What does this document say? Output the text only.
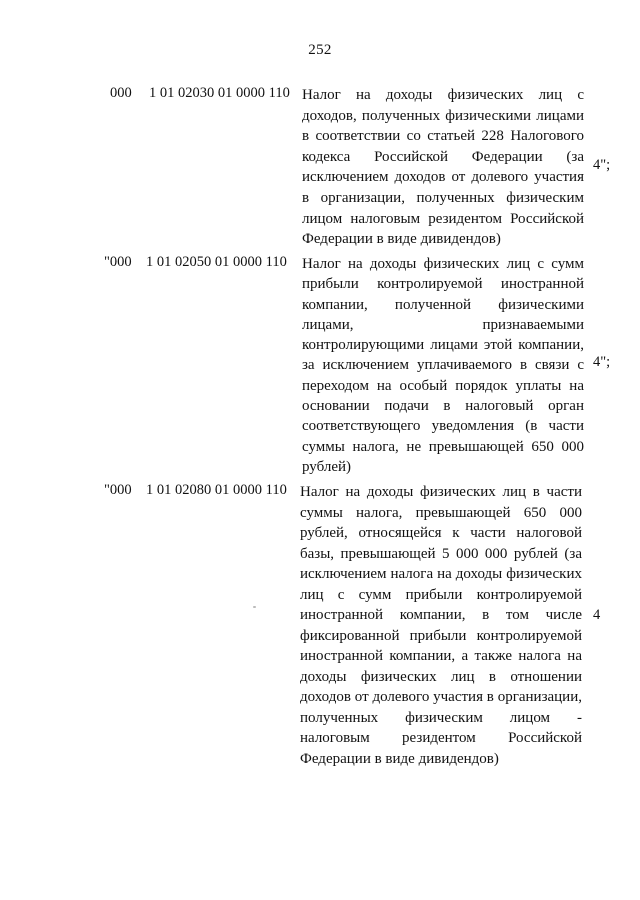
252
000 1 01 02030 01 0000 110 Налог на доходы физических лиц с доходов, полученных физическими лицами в соответствии со статьей 228 Налогового кодекса Российской Федерации (за исключением доходов от долевого участия в организации, полученных физическим лицом налоговым резидентом Российской Федерации в виде дивидендов)
4";
"000 1 01 02050 01 0000 110 Налог на доходы физических лиц с сумм прибыли контролируемой иностранной компании, полученной физическими лицами, признаваемыми контролирующими лицами этой компании, за исключением уплачиваемого в связи с переходом на особый порядок уплаты на основании подачи в налоговый орган соответствующего уведомления (в части суммы налога, не превышающей 650 000 рублей)
4";
"000 1 01 02080 01 0000 110 Налог на доходы физических лиц в части суммы налога, превышающей 650 000 рублей, относящейся к части налоговой базы, превышающей 5 000 000 рублей (за исключением налога на доходы физических лиц с сумм прибыли контролируемой иностранной компании, в том числе фиксированной прибыли контролируемой иностранной компании, а также налога на доходы физических лиц в отношении доходов от долевого участия в организации, полученных физическим лицом - налоговым резидентом Российской Федерации в виде дивидендов)
4
